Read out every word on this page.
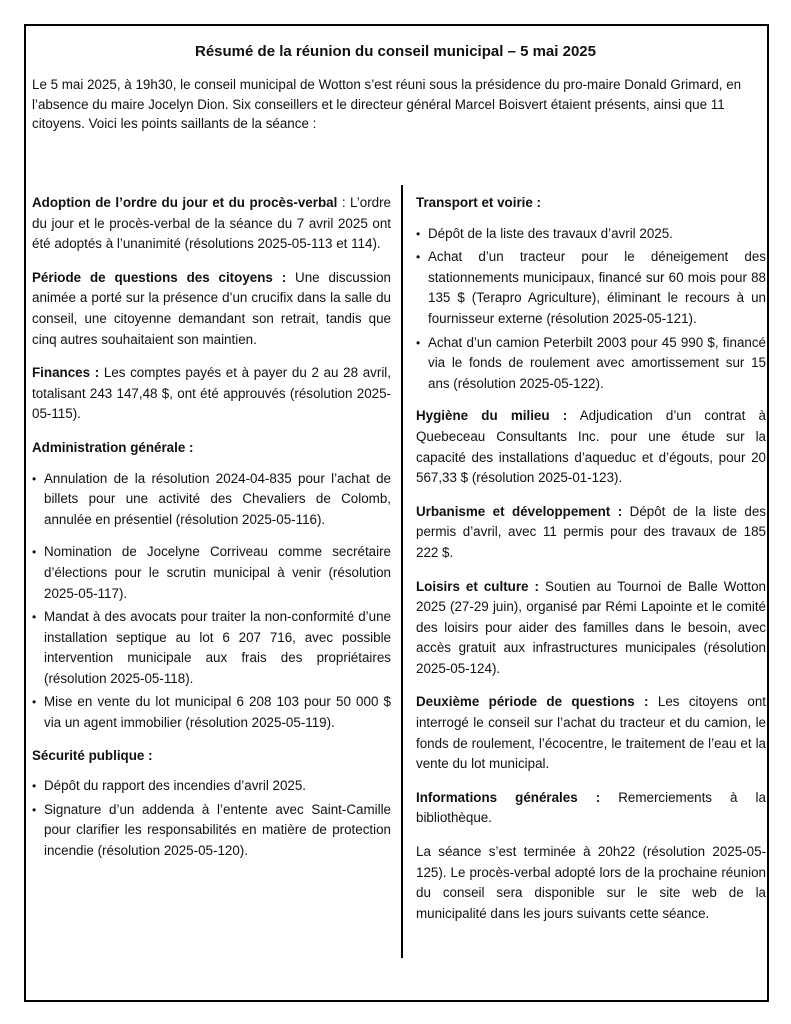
Résumé de la réunion du conseil municipal – 5 mai 2025

Le 5 mai 2025, à 19h30, le conseil municipal de Wotton s’est réuni sous la présidence du pro-maire Donald Grimard, en l’absence du maire Jocelyn Dion. Six conseillers et le directeur général Marcel Boisvert étaient présents, ainsi que 11 citoyens. Voici les points saillants de la séance :

Adoption de l’ordre du jour et du procès-verbal : L’ordre du jour et le procès-verbal de la séance du 7 avril 2025 ont été adoptés à l’unanimité (résolutions 2025-05-113 et 114).

Période de questions des citoyens : Une discussion animée a porté sur la présence d’un crucifix dans la salle du conseil, une citoyenne demandant son retrait, tandis que cinq autres souhaitaient son maintien.

Finances : Les comptes payés et à payer du 2 au 28 avril, totalisant 243 147,48 $, ont été approuvés (résolution 2025-05-115).

Administration générale :
• Annulation de la résolution 2024-04-835 pour l’achat de billets pour une activité des Chevaliers de Colomb, annulée en présentiel (résolution 2025-05-116).
• Nomination de Jocelyne Corriveau comme secrétaire d’élections pour le scrutin municipal à venir (résolution 2025-05-117).
• Mandat à des avocats pour traiter la non-conformité d’une installation septique au lot 6 207 716, avec possible intervention municipale aux frais des propriétaires (résolution 2025-05-118).
• Mise en vente du lot municipal 6 208 103 pour 50 000 $ via un agent immobilier (résolution 2025-05-119).
Sécurité publique :
• Dépôt du rapport des incendies d’avril 2025.
• Signature d’un addenda à l’entente avec Saint-Camille pour clarifier les responsabilités en matière de protection incendie (résolution 2025-05-120).
Transport et voirie :
• Dépôt de la liste des travaux d’avril 2025.
• Achat d’un tracteur pour le déneigement des stationnements municipaux, financé sur 60 mois pour 88 135 $ (Terapro Agriculture), éliminant le recours à un fournisseur externe (résolution 2025-05-121).
• Achat d’un camion Peterbilt 2003 pour 45 990 $, financé via le fonds de roulement avec amortissement sur 15 ans (résolution 2025-05-122).

Hygiène du milieu : Adjudication d’un contrat à Quebeceau Consultants Inc. pour une étude sur la capacité des installations d’aqueduc et d’égouts, pour 20 567,33 $ (résolution 2025-01-123).

Urbanisme et développement : Dépôt de la liste des permis d’avril, avec 11 permis pour des travaux de 185 222 $.

Loisirs et culture : Soutien au Tournoi de Balle Wotton 2025 (27-29 juin), organisé par Rémi Lapointe et le comité des loisirs pour aider des familles dans le besoin, avec accès gratuit aux infrastructures municipales (résolution 2025-05-124).

Deuxième période de questions : Les citoyens ont interrogé le conseil sur l’achat du tracteur et du camion, le fonds de roulement, l’écocentre, le traitement de l’eau et la vente du lot municipal.

Informations générales : Remerciements à la bibliothèque.

La séance s’est terminée à 20h22 (résolution 2025-05-125). Le procès-verbal adopté lors de la prochaine réunion du conseil sera disponible sur le site web de la municipalité dans les jours suivants cette séance.
